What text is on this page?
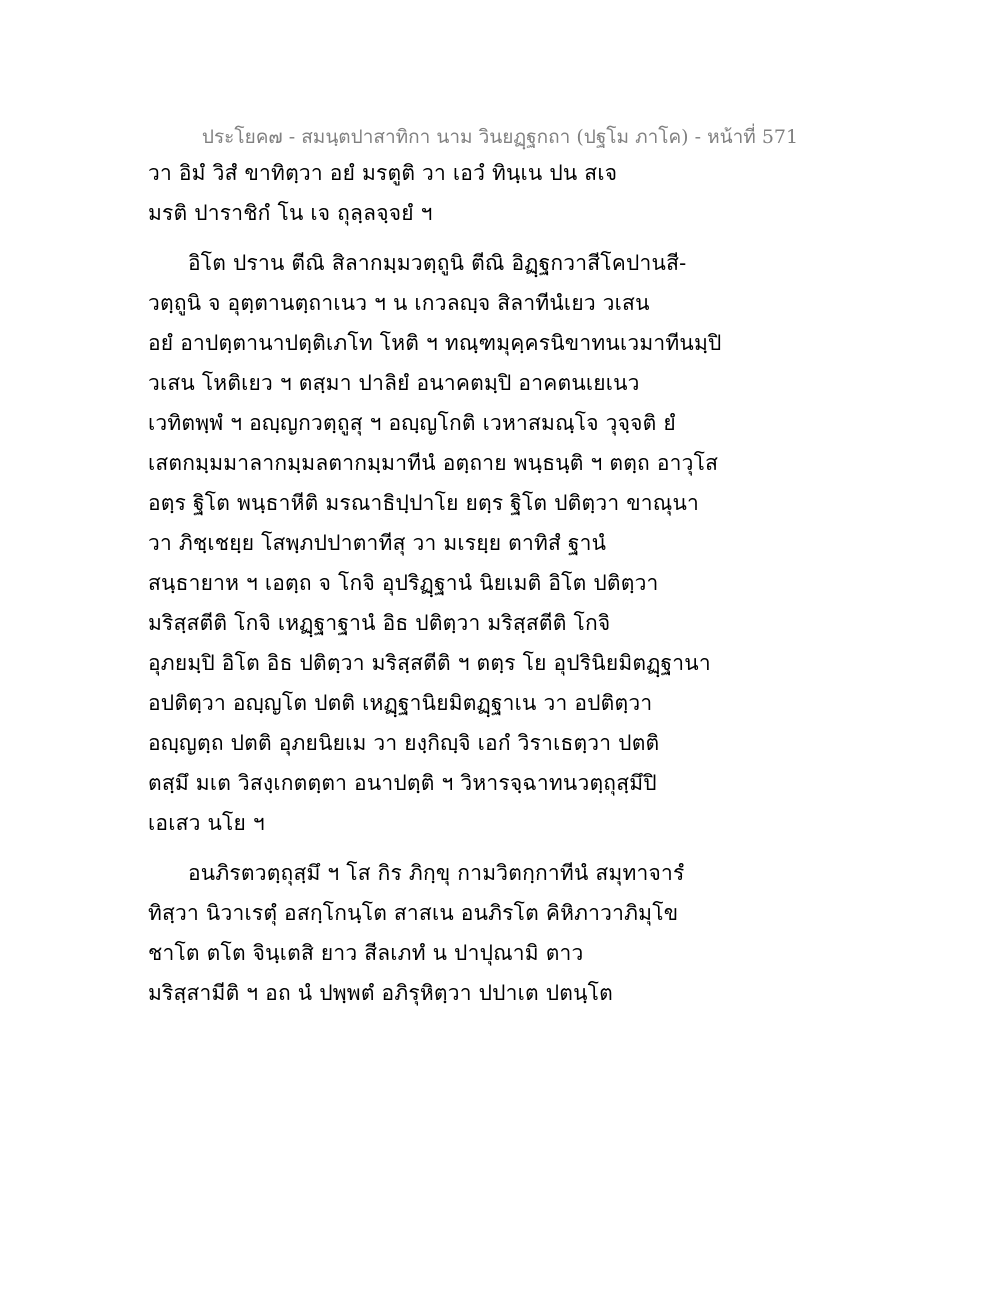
ประโยค๗ - สมนฺตปาสาทิกา นาม วินยฏฺฐกถา (ปฐโม ภาโค) - หน้าที่ 571
วา อิมํ วิสํ ขาทิตฺวา อยํ มรตูติ วา เอวํ ทินฺเน ปน สเจ
มรติ ปาราชิกํ โน เจ ถุลฺลจฺจยํ ฯ
อิโต ปราน ตีณิ สิลากมฺมวตฺถูนิ ตีณิ อิฏฺฐกวาสีโคปานสี-
วตฺถูนิ จ อุตฺตานตฺถาเนว ฯ น เกวลญฺจ สิลาทีนํเยว วเสน
อยํ อาปตฺตานาปตฺติเภโท โหติ ฯ ทณฺฑมุคฺครนิขาทนเวมาทีนมฺปิ
วเสน โหติเยว ฯ ตสฺมา ปาลิยํ อนาคตมฺปิ อาคตนเยเนว
เวทิตพฺพํ ฯ อญฺญกวตฺถูสุ ฯ อญฺญโกติ เวหาสมณฺโจ วุจฺจติ ยํ
เสตกมฺมมาลากมฺมลตากมฺมาทีนํ อตฺถาย พนฺธนฺติ ฯ ตตฺถ อาวุโส
อตฺร ฐิโต พนฺธาหีติ มรณาธิปฺปาโย ยตฺร ฐิโต ปติตฺวา ขาณุนา
วา ภิชฺเชยฺย โสพฺภปปาตาทีสุ วา มเรยฺย ตาทิสํ ฐานํ
สนฺธายาห ฯ เอตฺถ จ โกจิ อุปริฏฺฐานํ นิยเมติ อิโต ปติตฺวา
มริสฺสตีติ โกจิ เหฏฺฐาฐานํ อิธ ปติตฺวา มริสฺสตีติ โกจิ
อุภยมฺปิ อิโต อิธ ปติตฺวา มริสฺสตีติ ฯ ตตฺร โย อุปรินิยมิตฏฺฐานา
อปติตฺวา อญฺญโต ปตติ เหฏฺฐานิยมิตฏฺฐาเน วา อปติตฺวา
อญฺญตฺถ ปตติ อุภยนิยเม วา ยงฺกิญฺจิ เอกํ วิราเธตฺวา ปตติ
ตสฺมึ มเต วิสงฺเกตตฺตา อนาปตฺติ ฯ วิหารจฺฉาทนวตฺถุสฺมึปิ
เอเสว นโย ฯ
อนภิรตวตฺถุสฺมึ ฯ โส กิร ภิกฺขุ กามวิตกฺกาทีนํ สมุทาจารํ
ทิสฺวา นิวาเรตุํ อสกฺโกนฺโต สาสเน อนภิรโต คิหิภาวาภิมุโข
ชาโต ตโต จินฺเตสิ ยาว สีลเภทํ น ปาปุณามิ ตาว
มริสฺสามีติ ฯ อถ นํ ปพฺพตํ อภิรุหิตฺวา ปปาเต ปตนฺโต
